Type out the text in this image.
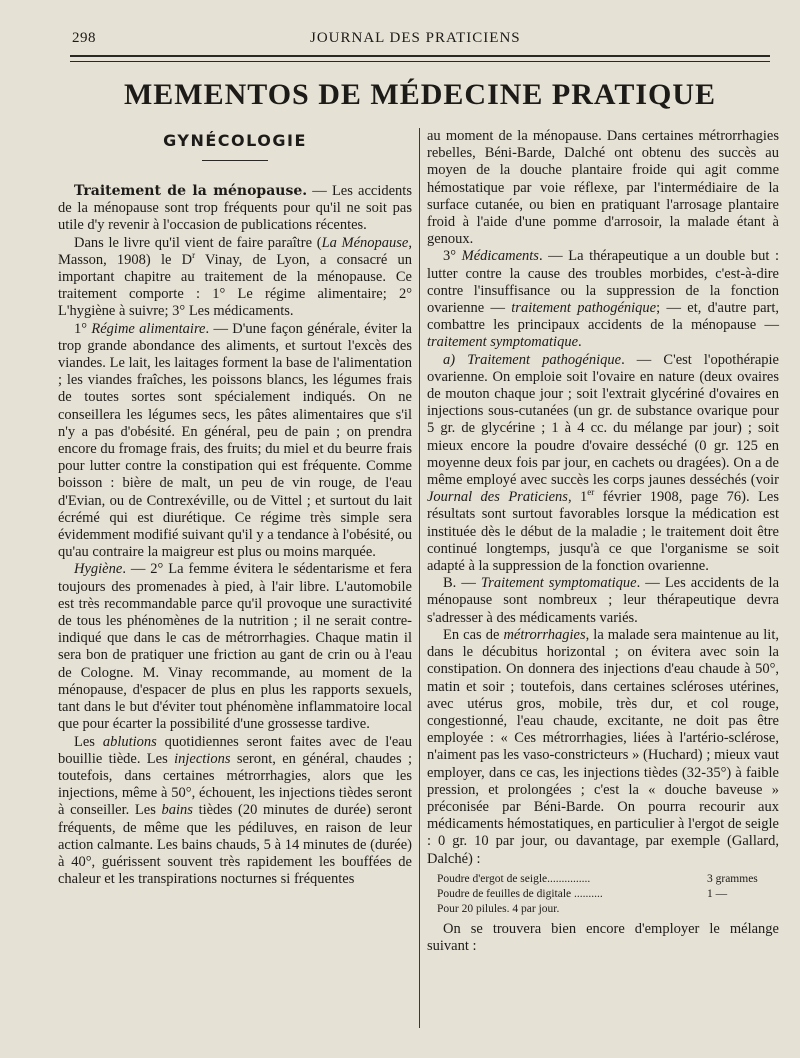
298	JOURNAL DES PRATICIENS
MEMENTOS DE MÉDECINE PRATIQUE
GYNÉCOLOGIE

Traitement de la ménopause. — Les accidents de la ménopause sont trop fréquents pour qu'il ne soit pas utile d'y revenir à l'occasion de publications récentes.

Dans le livre qu'il vient de faire paraître (La Ménopause, Masson, 1908) le $D^r$ Vinay, de Lyon, a consacré un important chapitre au traitement de la ménopause. Ce traitement comporte : 1° Le régime alimentaire; 2° L'hygiène à suivre; 3° Les médicaments.

1° Régime alimentaire. — D'une façon générale, éviter la trop grande abondance des aliments, et surtout l'excès des viandes. Le lait, les laitages forment la base de l'alimentation ; les viandes fraîches, les poissons blancs, les légumes frais de toutes sortes sont spécialement indiqués. On ne conseillera les légumes secs, les pâtes alimentaires que s'il n'y a pas d'obésité. En général, peu de pain ; on prendra encore du fromage frais, des fruits; du miel et du beurre frais pour lutter contre la constipation qui est fréquente. Comme boisson : bière de malt, un peu de vin rouge, de l'eau d'Evian, ou de Contrexéville, ou de Vittel ; et surtout du lait écrémé qui est diurétique. Ce régime très simple sera évidemment modifié suivant qu'il y a tendance à l'obésité, ou qu'au contraire la maigreur est plus ou moins marquée.

Hygiène. — 2° La femme évitera le sédentarisme et fera toujours des promenades à pied, à l'air libre. L'automobile est très recommandable parce qu'il provoque une suractivité de tous les phénomènes de la nutrition ; il ne serait contre-indiqué que dans le cas de métrorrhagies. Chaque matin il sera bon de pratiquer une friction au gant de crin ou à l'eau de Cologne. M. Vinay recommande, au moment de la ménopause, d'espacer de plus en plus les rapports sexuels, tant dans le but d'éviter tout phénomène inflammatoire local que pour écarter la possibilité d'une grossesse tardive.

Les ablutions quotidiennes seront faites avec de l'eau bouillie tiède. Les injections seront, en général, chaudes ; toutefois, dans certaines métrorrhagies, alors que les injections, même à 50°, échouent, les injections tièdes seront à conseiller. Les bains tièdes (20 minutes de durée) seront fréquents, de même que les pédiluves, en raison de leur action calmante. Les bains chauds, 5 à 14 minutes de (durée) à 40°, guérissent souvent très rapidement les bouffées de chaleur et les transpirations nocturnes si fréquentes

au moment de la ménopause. Dans certaines métrorrhagies rebelles, Béni-Barde, Dalché ont obtenu des succès au moyen de la douche plantaire froide qui agit comme hémostatique par voie réflexe, par l'intermédiaire de la surface cutanée, ou bien en pratiquant l'arrosage plantaire froid à l'aide d'une pomme d'arrosoir, la malade étant à genoux.

3° Médicaments. — La thérapeutique a un double but : lutter contre la cause des troubles morbides, c'est-à-dire contre l'insuffisance ou la suppression de la fonction ovarienne — traitement pathogénique; — et, d'autre part, combattre les principaux accidents de la ménopause — traitement symptomatique.

a) Traitement pathogénique. — C'est l'opothérapie ovarienne. On emploie soit l'ovaire en nature (deux ovaires de mouton chaque jour ; soit l'extrait glycériné d'ovaires en injections sous-cutanées (un gr. de substance ovarique pour 5 gr. de glycérine ; 1 à 4 cc. du mélange par jour) ; soit mieux encore la poudre d'ovaire desséché (0 gr. 125 en moyenne deux fois par jour, en cachets ou dragées). On a de même employé avec succès les corps jaunes desséchés (voir Journal des Praticiens, 1er février 1908, page 76). Les résultats sont surtout favorables lorsque la médication est instituée dès le début de la maladie ; le traitement doit être continué longtemps, jusqu'à ce que l'organisme se soit adapté à la suppression de la fonction ovarienne.

B. — Traitement symptomatique. — Les accidents de la ménopause sont nombreux ; leur thérapeutique devra s'adresser à des médicaments variés.

En cas de métrorrhagies, la malade sera maintenue au lit, dans le décubitus horizontal ; on évitera avec soin la constipation. On donnera des injections d'eau chaude à 50°, matin et soir ; toutefois, dans certaines scléroses utérines, avec utérus gros, mobile, très dur, et col rouge, congestionné, l'eau chaude, excitante, ne doit pas être employée : « Ces métrorrhagies, liées à l'artério-sclérose, n'aiment pas les vaso-constricteurs » (Huchard) ; mieux vaut employer, dans ce cas, les injections tièdes (32-35°) à faible pression, et prolongées ; c'est la « douche baveuse » préconisée par Béni-Barde. On pourra recourir aux médicaments hémostatiques, en particulier à l'ergot de seigle : 0 gr. 10 par jour, ou davantage, par exemple (Gallard, Dalché) :

Poudre d'ergot de seigle...............	3 grammes
Poudre de feuilles de digitale ..........	1 —
Pour 20 pilules. 4 par jour.

On se trouvera bien encore d'employer le mélange suivant :
